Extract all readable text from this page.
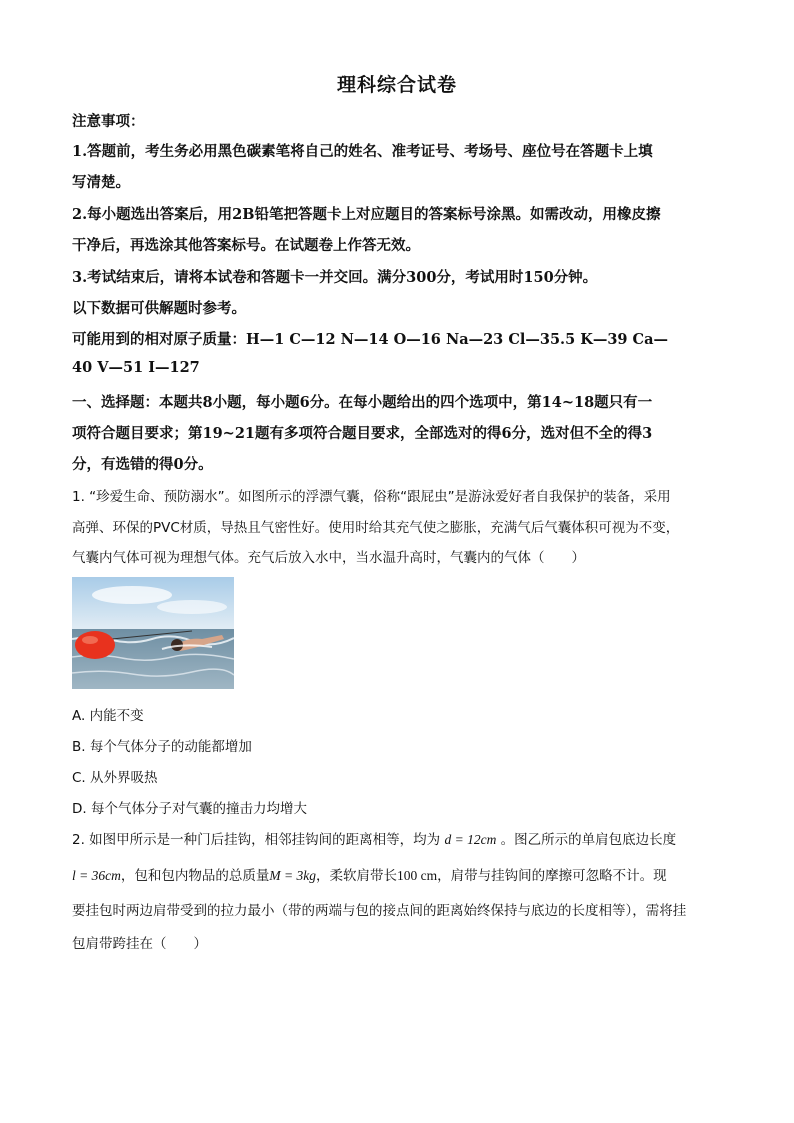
理科综合试卷
注意事项：
1.答题前，考生务必用黑色碳素笔将自己的姓名、准考证号、考场号、座位号在答题卡上填
写清楚。
2.每小题选出答案后，用2B铅笔把答题卡上对应题目的答案标号涂黑。如需改动，用橡皮擦
干净后，再选涂其他答案标号。在试题卷上作答无效。
3.考试结束后，请将本试卷和答题卡一并交回。满分300分，考试用时150分钟。
以下数据可供解题时参考。
可能用到的相对原子质量：H—1 C—12 N—14 O—16 Na—23 Cl—35.5 K—39 Ca—
40 V—51 I—127
一、选择题：本题共8小题，每小题6分。在每小题给出的四个选项中，第14~18题只有一
项符合题目要求；第19~21题有多项符合题目要求，全部选对的得6分，选对但不全的得3
分，有选错的得0分。
1. “珍爱生命、预防溺水”。如图所示的浮漂气囊，俗称“跟屁虫”是游泳爱好者自我保护的装备，采用
高弹、环保的PVC材质，导热且气密性好。使用时给其充气使之膨胀，充满气后气囊体积可视为不变，
气囊内气体可视为理想气体。充气后放入水中，当水温升高时，气囊内的气体（　　）
A. 内能不变
B. 每个气体分子的动能都增加
C. 从外界吸热
D. 每个气体分子对气囊的撞击力均增大
2. 如图甲所示是一种门后挂钩，相邻挂钩间的距离相等，均为 d = 12cm 。图乙所示的单肩包底边长度
l = 36cm，包和包内物品的总质量M = 3kg，柔软肩带长100 cm，肩带与挂钩间的摩擦可忽略不计。现
要挂包时两边肩带受到的拉力最小（带的两端与包的接点间的距离始终保持与底边的长度相等），需将挂
包肩带跨挂在（　　）
